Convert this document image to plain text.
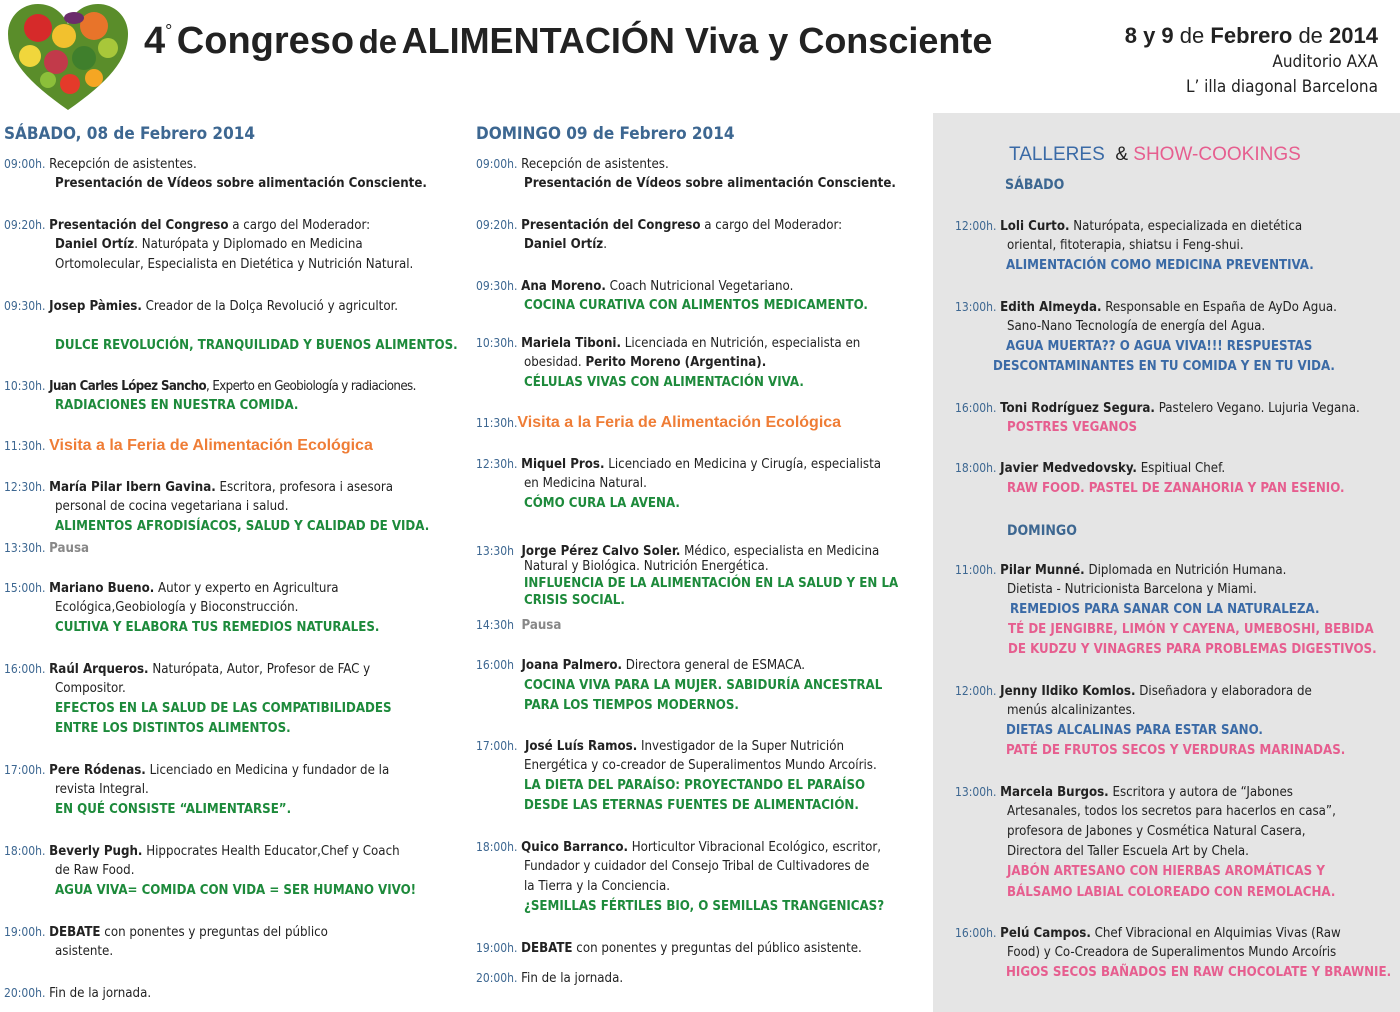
4° Congreso de ALIMENTACIÓN Viva y Consciente	8 y 9 de Febrero de 2014
Auditorio AXA
L’ illa diagonal Barcelona
SÁBADO, 08 de Febrero 2014
09:00h. Recepción de asistentes.
Presentación de Vídeos sobre alimentación Consciente.
09:20h. Presentación del Congreso a cargo del Moderador:
Daniel Ortíz. Naturópata y Diplomado en Medicina
Ortomolecular, Especialista en Dietética y Nutrición Natural.
09:30h. Josep Pàmies. Creador de la Dolça Revolució y agricultor.
DULCE REVOLUCIÓN, TRANQUILIDAD Y BUENOS ALIMENTOS.
10:30h. Juan Carles López Sancho, Experto en Geobiología y radiaciones.
RADIACIONES EN NUESTRA COMIDA.
11:30h. Visita a la Feria de Alimentación Ecológica
12:30h. María Pilar Ibern Gavina. Escritora, profesora i asesora
personal de cocina vegetariana i salud.
ALIMENTOS AFRODISÍACOS, SALUD Y CALIDAD DE VIDA.
13:30h. Pausa
15:00h. Mariano Bueno. Autor y experto en Agricultura
Ecológica,Geobiología y Bioconstrucción.
CULTIVA Y ELABORA TUS REMEDIOS NATURALES.
16:00h. Raúl Arqueros. Naturópata, Autor, Profesor de FAC y
Compositor.
EFECTOS EN LA SALUD DE LAS COMPATIBILIDADES
ENTRE LOS DISTINTOS ALIMENTOS.
17:00h. Pere Ródenas. Licenciado en Medicina y fundador de la
revista Integral.
EN QUÉ CONSISTE “ALIMENTARSE”.
18:00h. Beverly Pugh. Hippocrates Health Educator,Chef y Coach
de Raw Food.
AGUA VIVA= COMIDA CON VIDA = SER HUMANO VIVO!
19:00h. DEBATE con ponentes y preguntas del público
asistente.
20:00h. Fin de la jornada.
DOMINGO 09 de Febrero 2014
09:00h. Recepción de asistentes.
Presentación de Vídeos sobre alimentación Consciente.
09:20h. Presentación del Congreso a cargo del Moderador:
Daniel Ortíz.
09:30h. Ana Moreno. Coach Nutricional Vegetariano.
COCINA CURATIVA CON ALIMENTOS MEDICAMENTO.
10:30h. Mariela Tiboni. Licenciada en Nutrición, especialista en
obesidad. Perito Moreno (Argentina).
CÉLULAS VIVAS CON ALIMENTACIÓN VIVA.
11:30h.Visita a la Feria de Alimentación Ecológica
12:30h. Miquel Pros. Licenciado en Medicina y Cirugía, especialista
en Medicina Natural.
CÓMO CURA LA AVENA.
13:30h Jorge Pérez Calvo Soler. Médico, especialista en Medicina
Natural y Biológica. Nutrición Energética.
INFLUENCIA DE LA ALIMENTACIÓN EN LA SALUD Y EN LA
CRISIS SOCIAL.
14:30h Pausa
16:00h Joana Palmero. Directora general de ESMACA.
COCINA VIVA PARA LA MUJER. SABIDURÍA ANCESTRAL
PARA LOS TIEMPOS MODERNOS.
17:00h. José Luís Ramos. Investigador de la Super Nutrición
Energética y co-creador de Superalimentos Mundo Arcoíris.
LA DIETA DEL PARAÍSO: PROYECTANDO EL PARAÍSO
DESDE LAS ETERNAS FUENTES DE ALIMENTACIÓN.
18:00h. Quico Barranco. Horticultor Vibracional Ecológico, escritor,
Fundador y cuidador del Consejo Tribal de Cultivadores de
la Tierra y la Conciencia.
¿SEMILLAS FÉRTILES BIO, O SEMILLAS TRANGENICAS?
19:00h. DEBATE con ponentes y preguntas del público asistente.
20:00h. Fin de la jornada.
TALLERES & SHOW-COOKINGS
SÁBADO
12:00h. Loli Curto. Naturópata, especializada en dietética
oriental, fitoterapia, shiatsu i Feng-shui.
ALIMENTACIÓN COMO MEDICINA PREVENTIVA.
13:00h. Edith Almeyda. Responsable en España de AyDo Agua.
Sano-Nano Tecnología de energía del Agua.
AGUA MUERTA?? O AGUA VIVA!!! RESPUESTAS
DESCONTAMINANTES EN TU COMIDA Y EN TU VIDA.
16:00h. Toni Rodríguez Segura. Pastelero Vegano. Lujuria Vegana.
POSTRES VEGANOS
18:00h. Javier Medvedovsky. Espitiual Chef.
RAW FOOD. PASTEL DE ZANAHORIA Y PAN ESENIO.
DOMINGO
11:00h. Pilar Munné. Diplomada en Nutrición Humana.
Dietista - Nutricionista Barcelona y Miami.
REMEDIOS PARA SANAR CON LA NATURALEZA.
TÉ DE JENGIBRE, LIMÓN Y CAYENA, UMEBOSHI, BEBIDA
DE KUDZU Y VINAGRES PARA PROBLEMAS DIGESTIVOS.
12:00h. Jenny Ildiko Komlos. Diseñadora y elaboradora de
menús alcalinizantes.
DIETAS ALCALINAS PARA ESTAR SANO.
PATÉ DE FRUTOS SECOS Y VERDURAS MARINADAS.
13:00h. Marcela Burgos. Escritora y autora de “Jabones
Artesanales, todos los secretos para hacerlos en casa”,
profesora de Jabones y Cosmética Natural Casera,
Directora del Taller Escuela Art by Chela.
JABÓN ARTESANO CON HIERBAS AROMÁTICAS Y
BÁLSAMO LABIAL COLOREADO CON REMOLACHA.
16:00h. Pelú Campos. Chef Vibracional en Alquimias Vivas (Raw
Food) y Co-Creadora de Superalimentos Mundo Arcoíris
HIGOS SECOS BAÑADOS EN RAW CHOCOLATE Y BRAWNIE.
